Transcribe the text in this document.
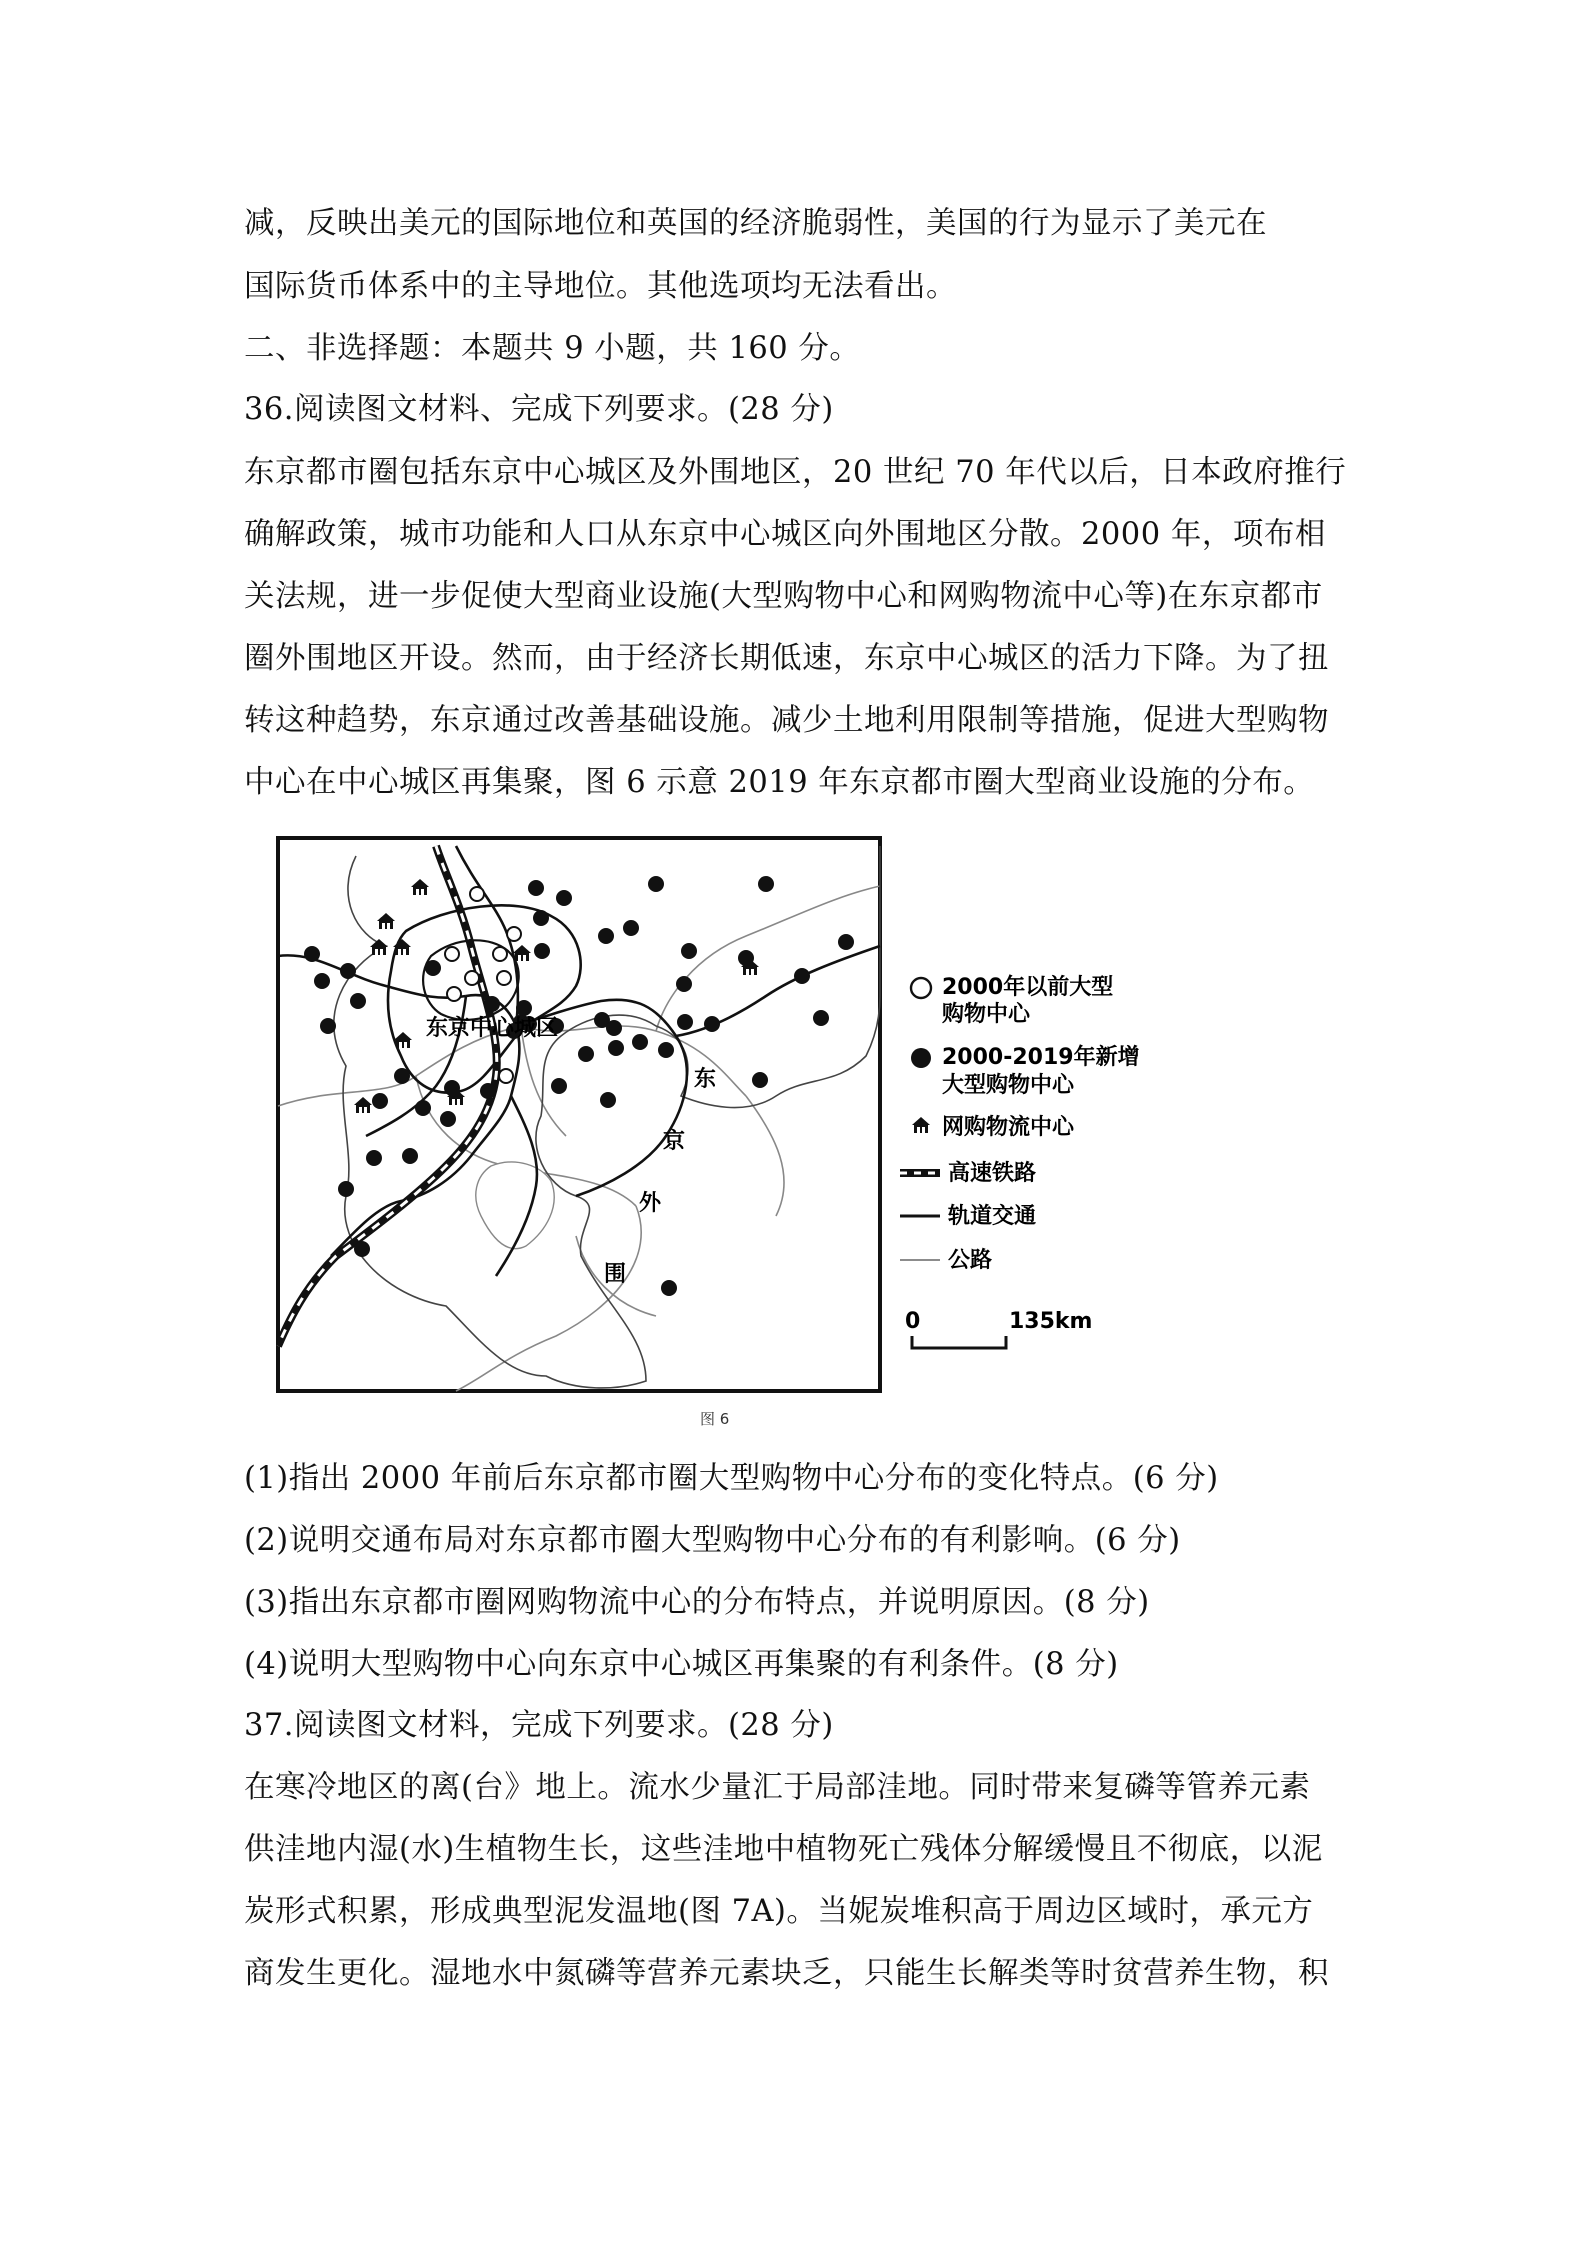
减，反映出美元的国际地位和英国的经济脆弱性，美国的行为显示了美元在
国际货币体系中的主导地位。其他选项均无法看出。
二、非选择题：本题共 9 小题，共 160 分。
36.阅读图文材料、完成下列要求。(28 分)
东京都市圈包括东京中心城区及外围地区，20 世纪 70 年代以后，日本政府推行
确解政策，城市功能和人口从东京中心城区向外围地区分散。2000 年，项布相
关法规，进一步促使大型商业设施(大型购物中心和网购物流中心等)在东京都市
圈外围地区开设。然而，由于经济长期低速，东京中心城区的活力下降。为了扭
转这种趋势，东京通过改善基础设施。减少土地利用限制等措施，促进大型购物
中心在中心城区再集聚，图 6 示意 2019 年东京都市圈大型商业设施的分布。
东京中心城区
东
京
外
围
2000年以前大型
购物中心
2000-2019年新增
大型购物中心
网购物流中心
高速铁路
轨道交通
公路
0	135km
图 6
(1)指出 2000 年前后东京都市圈大型购物中心分布的变化特点。(6 分)
(2)说明交通布局对东京都市圈大型购物中心分布的有利影响。(6 分)
(3)指出东京都市圈网购物流中心的分布特点，并说明原因。(8 分)
(4)说明大型购物中心向东京中心城区再集聚的有利条件。(8 分)
37.阅读图文材料，完成下列要求。(28 分)
在寒冷地区的离(台》地上。流水少量汇于局部洼地。同时带来复磷等管养元素
供洼地内湿(水)生植物生长，这些洼地中植物死亡残体分解缓慢且不彻底，以泥
炭形式积累，形成典型泥发温地(图 7A)。当妮炭堆积高于周边区域时，承元方
商发生更化。湿地水中氮磷等营养元素块乏，只能生长解类等时贫营养生物，积
